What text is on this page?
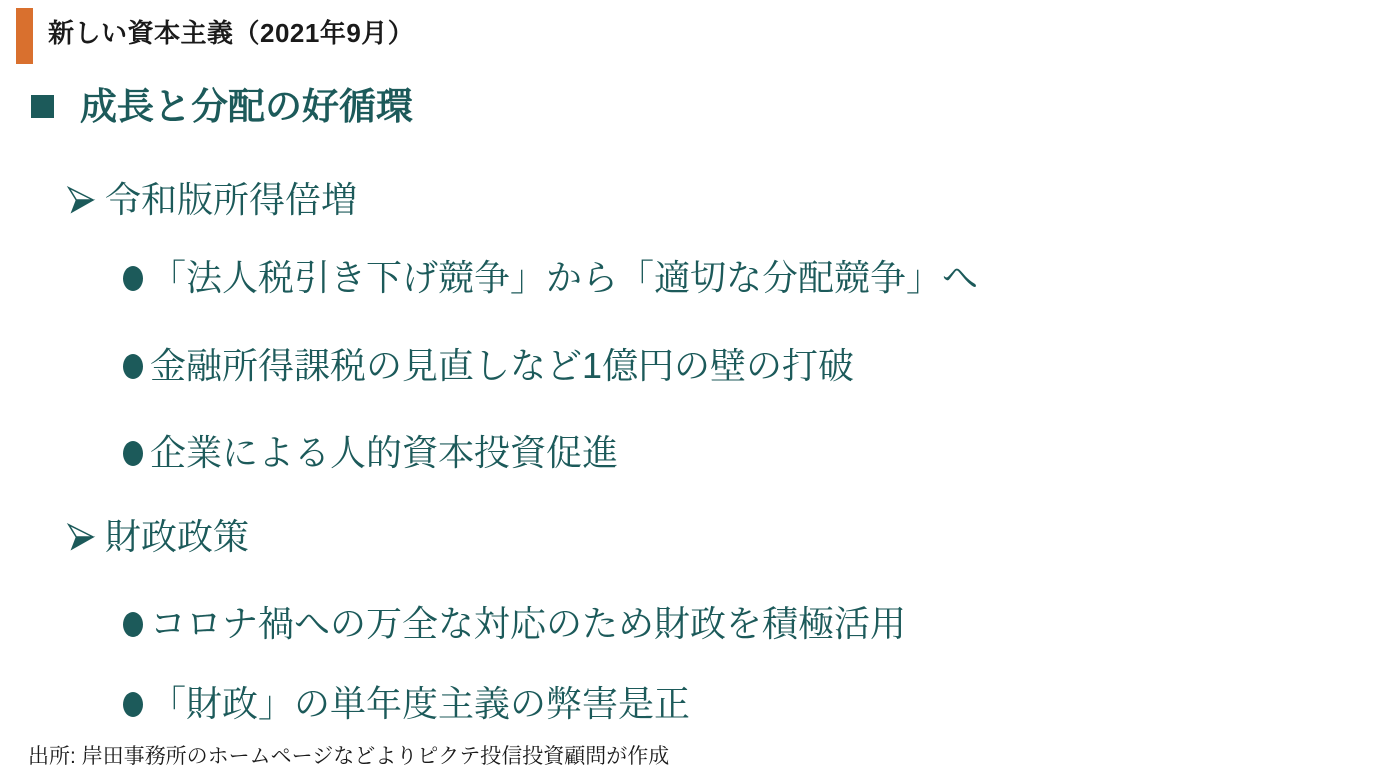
新しい資本主義（2021年9月）
成長と分配の好循環
令和版所得倍増
「法人税引き下げ競争」から「適切な分配競争」へ
金融所得課税の見直しなど1億円の壁の打破
企業による人的資本投資促進
財政政策
コロナ禍への万全な対応のため財政を積極活用
「財政」の単年度主義の弊害是正
出所: 岸田事務所のホームページなどよりピクテ投信投資顧問が作成
